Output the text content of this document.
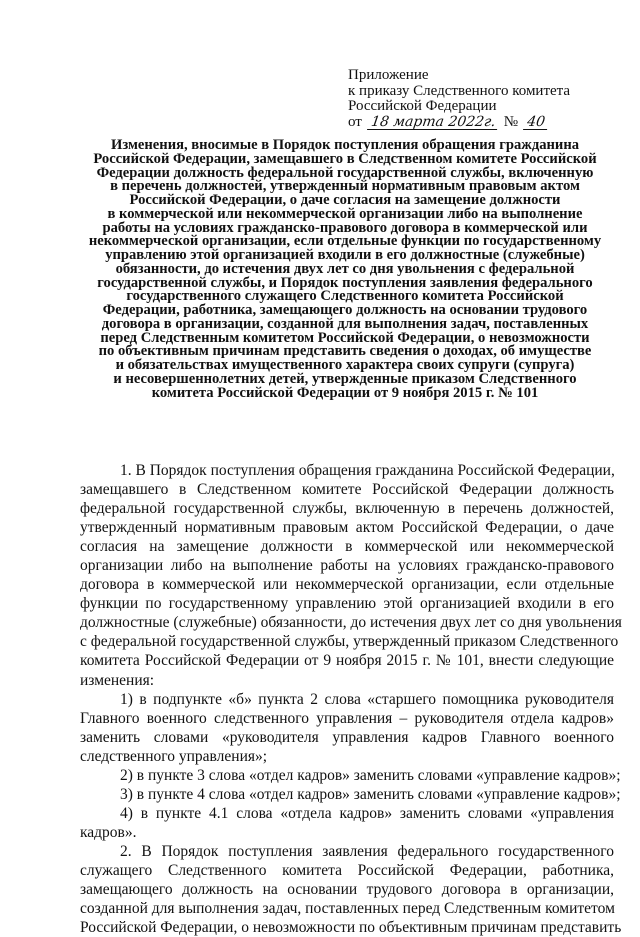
Приложение
к приказу Следственного комитета
Российской Федерации
от 18 марта 2022г. № 40
Изменения, вносимые в Порядок поступления обращения гражданина
Российской Федерации, замещавшего в Следственном комитете Российской
Федерации должность федеральной государственной службы, включенную
в перечень должностей, утвержденный нормативным правовым актом
Российской Федерации, о даче согласия на замещение должности
в коммерческой или некоммерческой организации либо на выполнение
работы на условиях гражданско-правового договора в коммерческой или
некоммерческой организации, если отдельные функции по государственному
управлению этой организацией входили в его должностные (служебные)
обязанности, до истечения двух лет со дня увольнения с федеральной
государственной службы, и Порядок поступления заявления федерального
государственного служащего Следственного комитета Российской
Федерации, работника, замещающего должность на основании трудового
договора в организации, созданной для выполнения задач, поставленных
перед Следственным комитетом Российской Федерации, о невозможности
по объективным причинам представить сведения о доходах, об имуществе
и обязательствах имущественного характера своих супруги (супруга)
и несовершеннолетних детей, утвержденные приказом Следственного
комитета Российской Федерации от 9 ноября 2015 г. № 101
1. В Порядок поступления обращения гражданина Российской Федерации,
замещавшего в Следственном комитете Российской Федерации должность
федеральной государственной службы, включенную в перечень должностей,
утвержденный нормативным правовым актом Российской Федерации, о даче
согласия на замещение должности в коммерческой или некоммерческой
организации либо на выполнение работы на условиях гражданско-правового
договора в коммерческой или некоммерческой организации, если отдельные
функции по государственному управлению этой организацией входили в его
должностные (служебные) обязанности, до истечения двух лет со дня увольнения
с федеральной государственной службы, утвержденный приказом Следственного
комитета Российской Федерации от 9 ноября 2015 г. № 101, внести следующие
изменения:
1) в подпункте «б» пункта 2 слова «старшего помощника руководителя
Главного военного следственного управления – руководителя отдела кадров»
заменить словами «руководителя управления кадров Главного военного
следственного управления»;
2) в пункте 3 слова «отдел кадров» заменить словами «управление кадров»;
3) в пункте 4 слова «отдел кадров» заменить словами «управление кадров»;
4) в пункте 4.1 слова «отдела кадров» заменить словами «управления
кадров».
2. В Порядок поступления заявления федерального государственного
служащего Следственного комитета Российской Федерации, работника,
замещающего должность на основании трудового договора в организации,
созданной для выполнения задач, поставленных перед Следственным комитетом
Российской Федерации, о невозможности по объективным причинам представить
